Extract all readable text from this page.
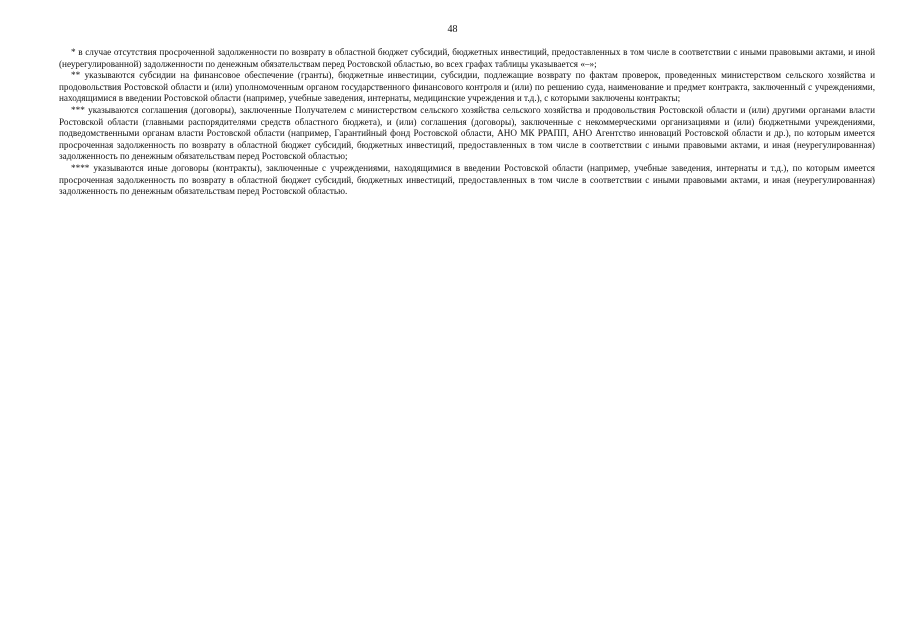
48

* в случае отсутствия просроченной задолженности по возврату в областной бюджет субсидий, бюджетных инвестиций, предоставленных в том числе в соответствии с иными правовыми актами, и иной (неурегулированной) задолженности по денежным обязательствам перед Ростовской областью, во всех графах таблицы указывается «–»;

** указываются субсидии на финансовое обеспечение (гранты), бюджетные инвестиции, субсидии, подлежащие возврату по фактам проверок, проведенных министерством сельского хозяйства и продовольствия Ростовской области и (или) уполномоченным органом государственного финансового контроля и (или) по решению суда, наименование и предмет контракта, заключенный с учреждениями, находящимися в введении Ростовской области (например, учебные заведения, интернаты, медицинские учреждения и т.д.), с которыми заключены контракты;

*** указываются соглашения (договоры), заключенные Получателем с министерством сельского хозяйства сельского хозяйства и продовольствия Ростовской области и (или) другими органами власти Ростовской области (главными распорядителями средств областного бюджета), и (или) соглашения (договоры), заключенные с некоммерческими организациями и (или) бюджетными учреждениями, подведомственными органам власти Ростовской области (например, Гарантийный фонд Ростовской области, АНО МК РРАПП, АНО Агентство инноваций Ростовской области и др.), по которым имеется просроченная задолженность по возврату в областной бюджет субсидий, бюджетных инвестиций, предоставленных в том числе в соответствии с иными правовыми актами, и иная (неурегулированная) задолженность по денежным обязательствам перед Ростовской областью;

**** указываются иные договоры (контракты), заключенные с учреждениями, находящимися в введении Ростовской области (например, учебные заведения, интернаты и т.д.), по которым имеется просроченная задолженность по возврату в областной бюджет субсидий, бюджетных инвестиций, предоставленных в том числе в соответствии с иными правовыми актами, и иная (неурегулированная) задолженность по денежным обязательствам перед Ростовской областью.
